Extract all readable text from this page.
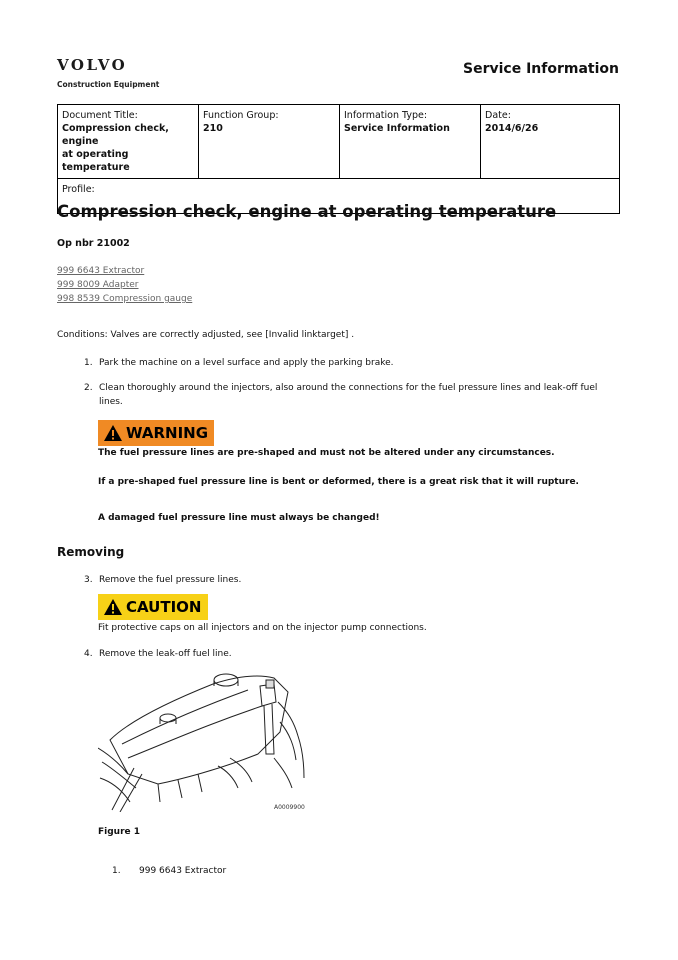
VOLVO
Construction Equipment
Service Information
Document Title:
Compression check, engine
at operating temperature

Function Group:
210

Information Type:
Service Information

Date:
2014/6/26

Profile:
Compression check, engine at operating temperature
Op nbr 21002
999 6643 Extractor
999 8009 Adapter
998 8539 Compression gauge
Conditions: Valves are correctly adjusted, see [Invalid linktarget] .
1. Park the machine on a level surface and apply the parking brake.
2. Clean thoroughly around the injectors, also around the connections for the fuel pressure lines and leak-off fuel
lines.
WARNING
The fuel pressure lines are pre-shaped and must not be altered under any circumstances.
If a pre-shaped fuel pressure line is bent or deformed, there is a great risk that it will rupture.
A damaged fuel pressure line must always be changed!
Removing
3. Remove the fuel pressure lines.
CAUTION
Fit protective caps on all injectors and on the injector pump connections.
4. Remove the leak-off fuel line.
A0009900
Figure 1
1. 999 6643 Extractor
